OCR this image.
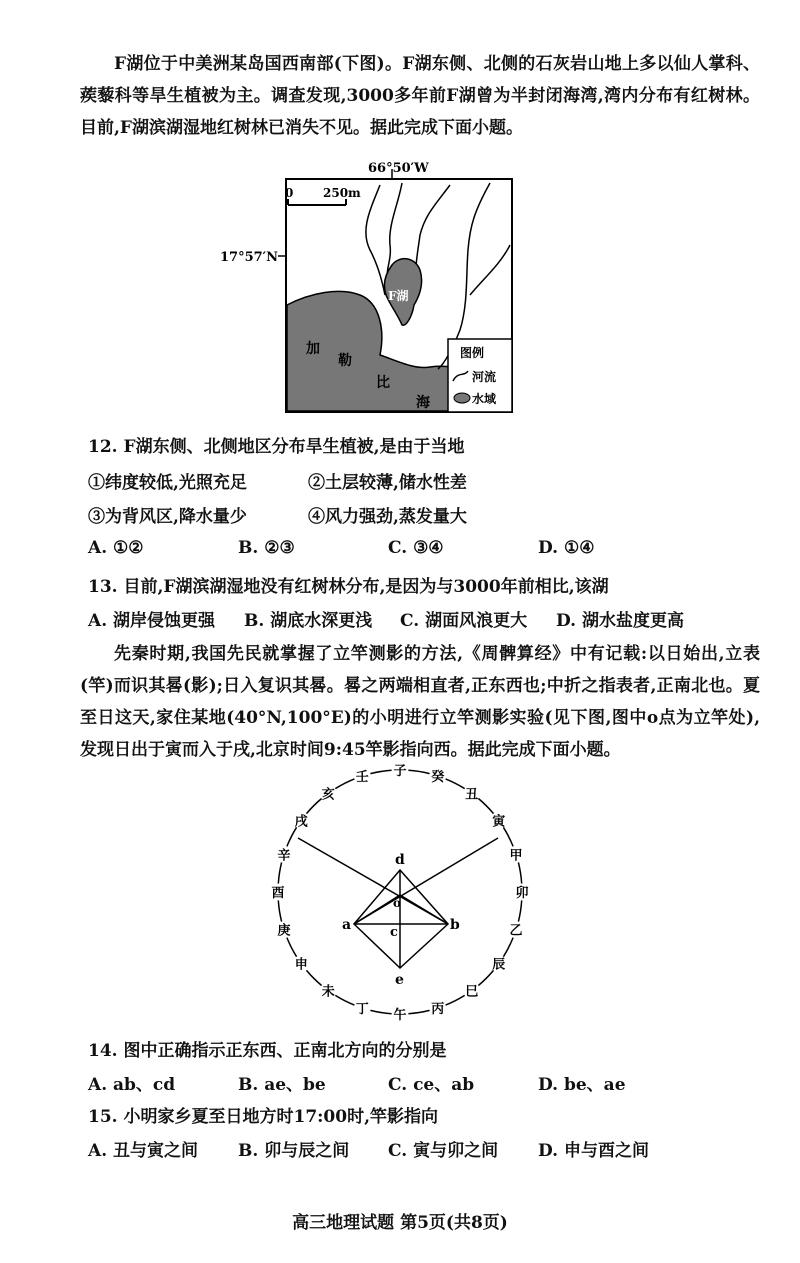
F湖位于中美洲某岛国西南部(下图)。F湖东侧、北侧的石灰岩山地上多以仙人掌科、蒺藜科等旱生植被为主。调查发现,3000多年前F湖曾为半封闭海湾,湾内分布有红树林。目前,F湖滨湖湿地红树林已消失不见。据此完成下面小题。

66°50′W
17°57′N
0 250m
F湖
加
勒
比
海
图例
河流
水域

12. F湖东侧、北侧地区分布旱生植被,是由于当地

①纬度较低,光照充足	②土层较薄,储水性差
③为背风区,降水量少	④风力强劲,蒸发量大
A. ①②	B. ②③	C. ③④	D. ①④

13. 目前,F湖滨湖湿地没有红树林分布,是因为与3000年前相比,该湖

A. 湖岸侵蚀更强 B. 湖底水深更浅 C. 湖面风浪更大 D. 湖水盐度更高

先秦时期,我国先民就掌握了立竿测影的方法,《周髀算经》中有记载:以日始出,立表(竿)而识其晷(影);日入复识其晷。晷之两端相直者,正东西也;中折之指表者,正南北也。夏至日这天,家住某地(40°N,100°E)的小明进行立竿测影实验(见下图,图中o点为立竿处),发现日出于寅而入于戌,北京时间9:45竿影指向西。据此完成下面小题。

子 癸
丑
寅
甲
卯
乙
辰
巳
丙
午
丁
未
申
庚
酉
辛
戌
亥
壬
a	b
c
d
e
o

14. 图中正确指示正东西、正南北方向的分别是

A. ab、cd	B. ae、be	C. ce、ab	D. be、ae

15. 小明家乡夏至日地方时17:00时,竿影指向

A. 丑与寅之间 B. 卯与辰之间 C. 寅与卯之间 D. 申与酉之间
高三地理试题 第5页(共8页)
